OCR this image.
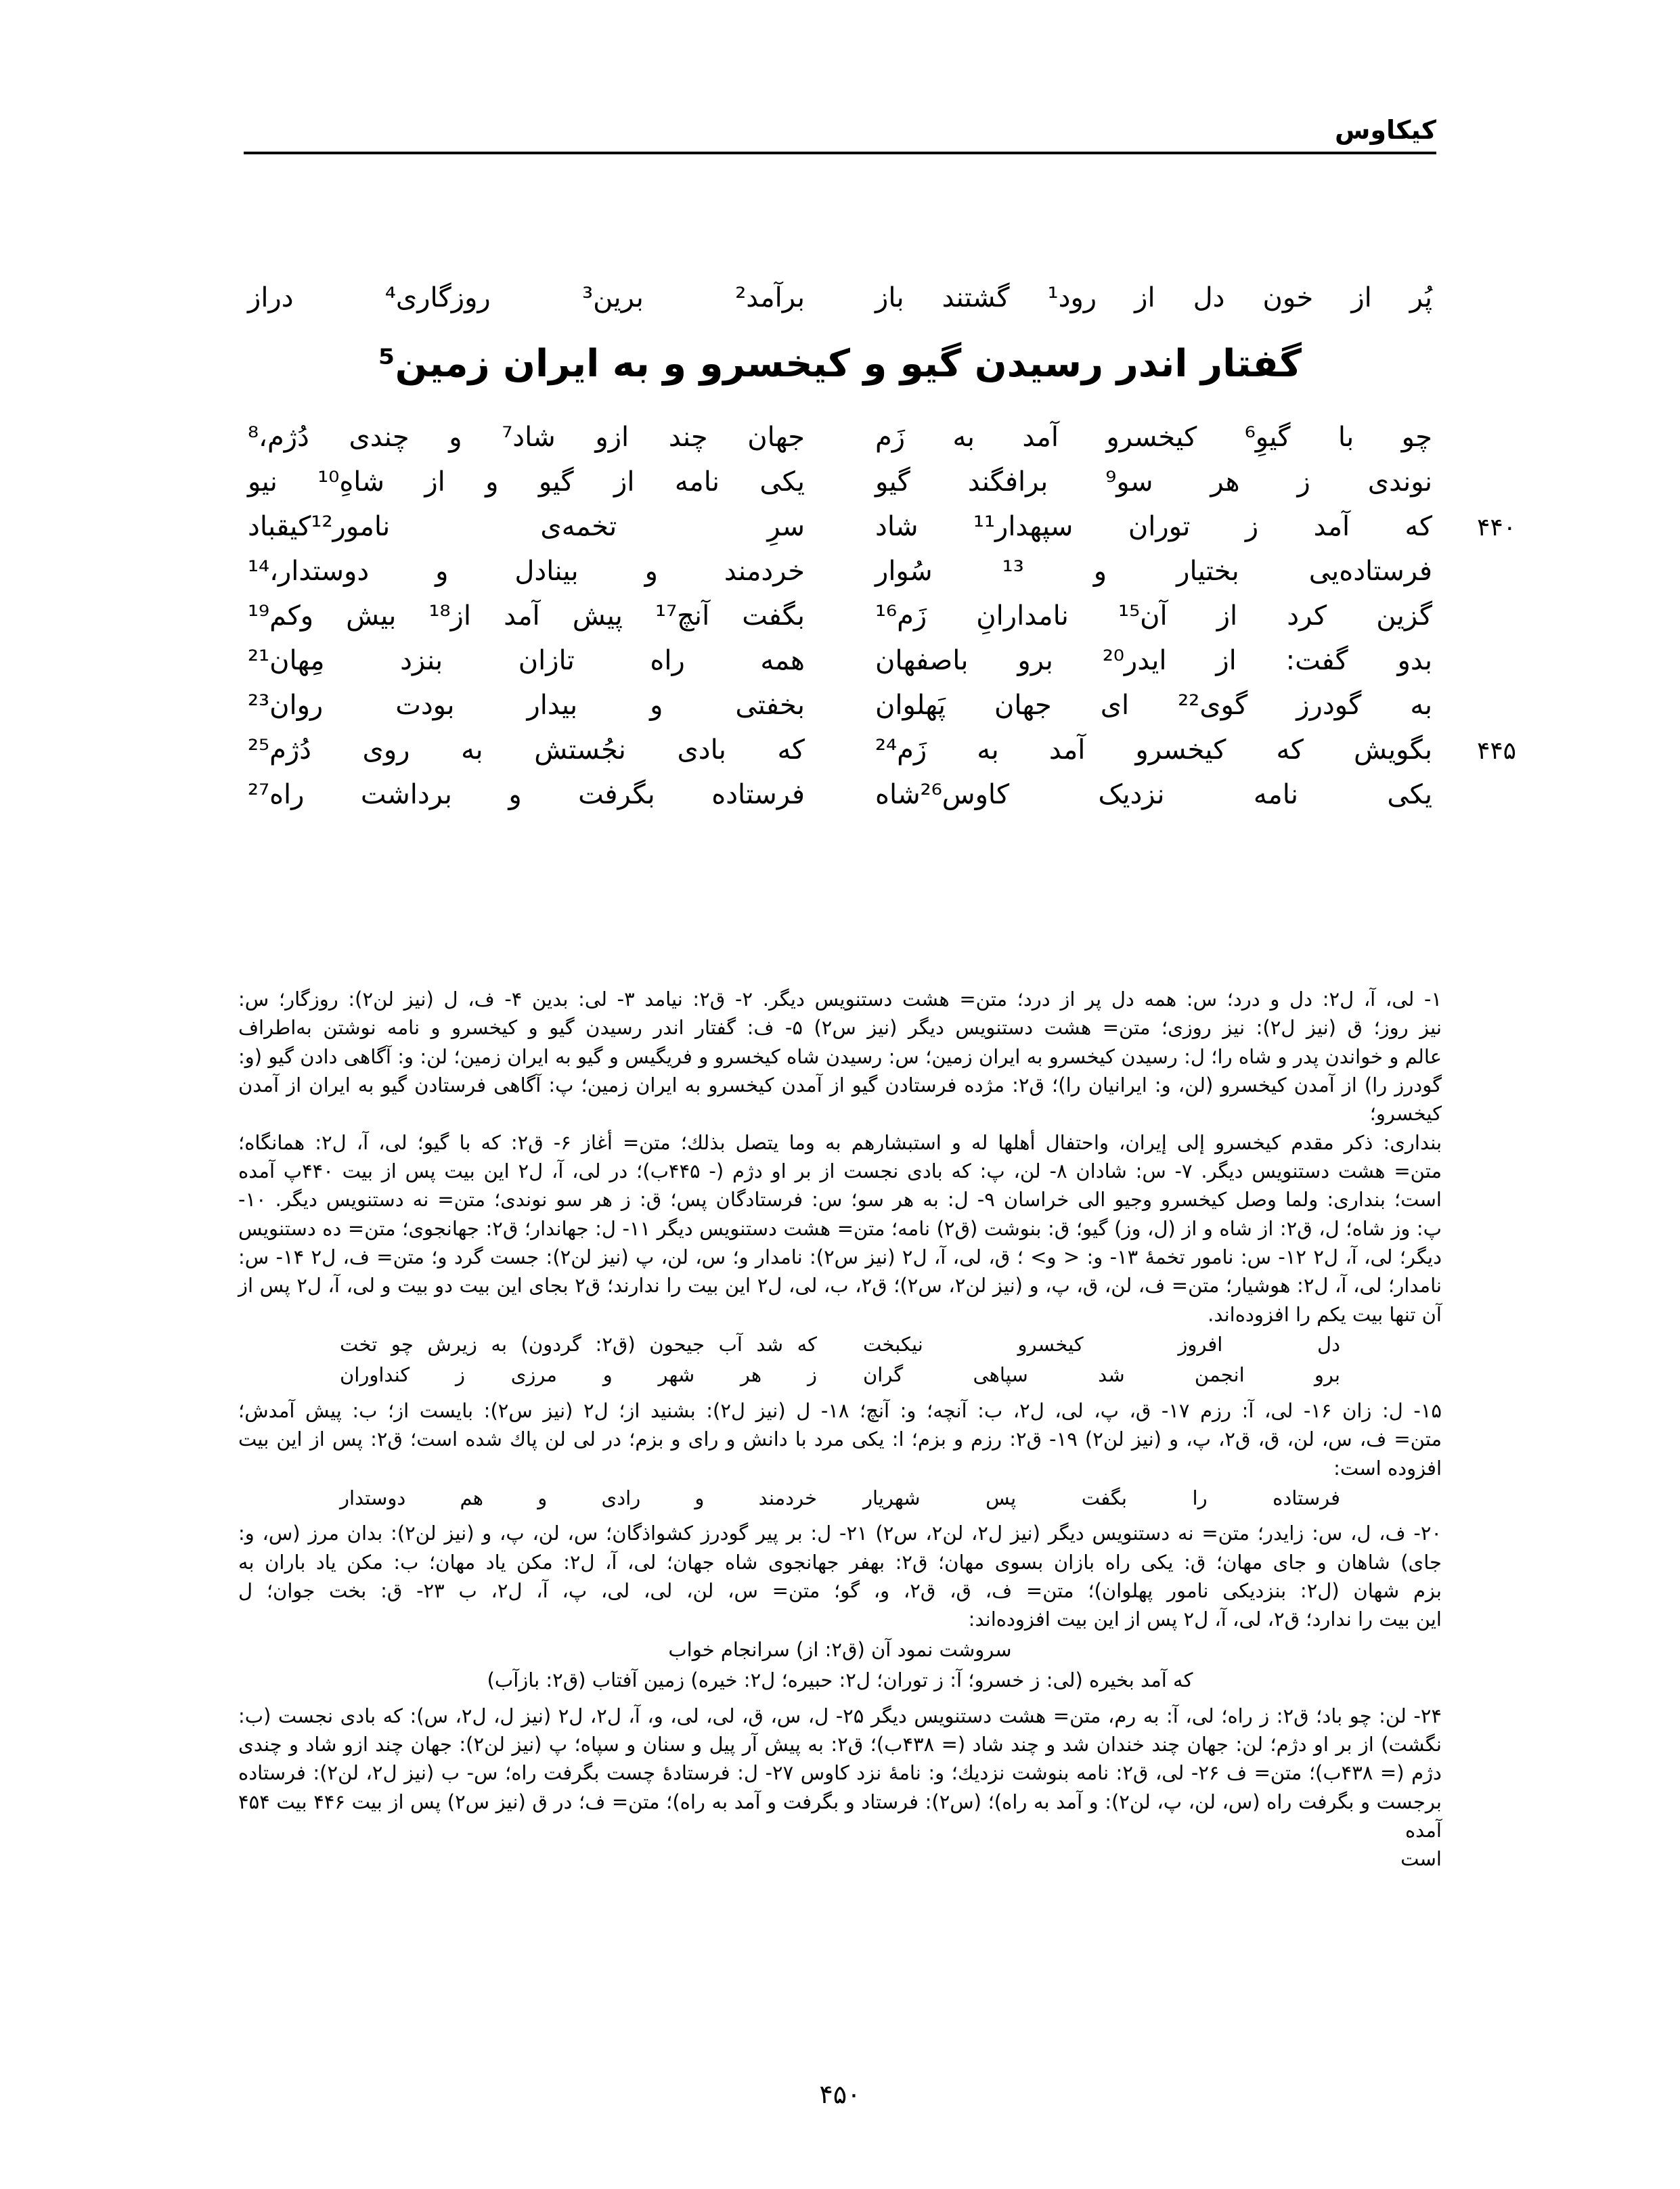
کیکاوس
پُر از خون دل از رود¹ گشتند باز
برآمد² برین³ روزگاری⁴ دراز
گفتار اندر رسیدن گیو و کیخسرو و به ایران زمین⁵
چو با گیوِ⁶ کیخسرو آمد به زَم
جهان چند ازو شاد⁷ و چندی دُژم،⁸
نوندی ز هر سو⁹ برافگند گیو
یکی نامه از گیو و از شاهِ¹⁰ نیو
۴۴۰
که آمد ز توران سپهدار¹¹ شاد
سرِ تخمه‌ی نامور¹²کیقباد
فرستاده‌یی بختیار و ¹³ سُوار
خردمند و بینادل و دوستدار،¹⁴
گزین کرد از آن¹⁵ نامدارانِ زَم¹⁶
بگفت آنچ¹⁷ پیش آمد از¹⁸ بیش وکم¹⁹
بدو گفت: از ایدر²⁰ برو باصفهان
همه راه تازان بنزد مِهان²¹
به گودرز گوی²² ای جهان پَهلوان
بخفتی و بیدار بودت روان²³
۴۴۵
بگویش که کیخسرو آمد به زَم²⁴
که بادی نجُستش به روی دُژم²⁵
یکی نامه نزدیک کاوس²⁶شاه
فرستاده بگرفت و برداشت راه²⁷

۱- لی، آ، ل٢: دل و درد؛ س: همه دل پر از درد؛ متن= هشت دستنویس دیگر. ۲- ق٢: نیامد ۳- لی: بدین ۴- ف، ل (نیز لن٢): روزگار؛ س:

نیز روز؛ ق (نیز ل٢): نیز روزی؛ متن= هشت دستنویس دیگر (نیز س٢) ۵- ف: گفتار اندر رسیدن گیو و کیخسرو و نامه نوشتن به‌اطراف

عالم و خواندن پدر و شاه را؛ ل: رسیدن کیخسرو به ایران زمین؛ س: رسیدن شاه کیخسرو و فریگیس و گیو به ایران زمین؛ لن: و: آگاهی دادن گیو (و:

گودرز را) از آمدن کیخسرو (لن، و: ایرانیان را)؛ ق٢: مژده فرستادن گیو از آمدن کیخسرو به ایران زمین؛ پ: آگاهی فرستادن گیو به ایران از آمدن کیخسرو؛

بنداری: ذکر مقدم کیخسرو إلی إیران، واحتفال أهلها له و استبشارهم به وما یتصل بذلك؛ متن= أغاز ۶- ق٢: که با گیو؛ لی، آ، ل٢: همانگاه؛

متن= هشت دستنویس دیگر. ۷- س: شادان ۸- لن، پ: که بادی نجست از بر او دژم (- ۴۴۵ب)؛ در لی، آ، ل٢ این بیت پس از بیت ۴۴۰پ آمده

است؛ بنداری: ولما وصل کیخسرو وجیو الی خراسان ۹- ل: به هر سو؛ س: فرستادگان پس؛ ق: ز هر سو نوندی؛ متن= نه دستنویس دیگر. ۱۰-

پ: وز شاه؛ ل، ق٢: از شاه و از (ل، وز) گیو؛ ق: بنوشت (ق٢) نامه؛ متن= هشت دستنویس دیگر ۱۱- ل: جهاندار؛ ق٢: جهانجوی؛ متن= ده دستنویس

دیگر؛ لی، آ، ل٢ ۱۲- س: نامور تخمهٔ ۱۳- و: < و> ؛ ق، لی، آ، ل٢ (نیز س٢): نامدار و؛ س، لن، پ (نیز لن٢): جست گرد و؛ متن= ف، ل٢ ۱۴- س:

نامدار؛ لی، آ، ل٢: هوشیار؛ متن= ف، لن، ق، پ، و (نیز لن٢، س٢)؛ ق٢، ب، لی، ل٢ این بیت را ندارند؛ ق٢ بجای این بیت دو بیت و لی، آ، ل٢ پس از

آن تنها بیت یکم را افزوده‌اند.

دل افروز کیخسرو نیکبخت
که شد آب جیحون (ق٢: گردون) به زیرش چو تخت
برو انجمن شد سپاهی گران
ز هر شهر و مرزی ز کنداوران

۱۵- ل: زان ۱۶- لی، آ: رزم ۱۷- ق، پ، لی، ل٢، ب: آنچه؛ و: آنچ؛ ۱۸- ل (نیز ل٢): بشنید از؛ ل٢ (نیز س٢): بایست از؛ ب: پیش آمدش؛

متن= ف، س، لن، ق، ق٢، پ، و (نیز لن٢) ۱۹- ق٢: رزم و بزم؛ ا: یکی مرد با دانش و رای و بزم؛ در لی لن پاك شده است؛ ق٢: پس از این بیت

افزوده است:

فرستاده را بگفت پس شهریار
خردمند و رادی و هم دوستدار

۲۰- ف، ل، س: زایدر؛ متن= نه دستنویس دیگر (نیز ل٢، لن٢، س٢) ۲۱- ل: بر پیر گودرز کشواذگان؛ س، لن، پ، و (نیز لن٢): بدان مرز (س، و:

جای) شاهان و جای مهان؛ ق: یکی راه بازان بسوی مهان؛ ق٢: بهفر جهانجوی شاه جهان؛ لی، آ، ل٢: مکن یاد مهان؛ ب: مکن یاد باران به

بزم شهان (ل٢: بنزدیکی نامور پهلوان)؛ متن= ف، ق، ق٢، و، گو؛ متن= س، لن، لی، لی، پ، آ، ل٢، ب ۲۳- ق: بخت جوان؛ ل

این بیت را ندارد؛ ق٢، لی، آ، ل٢ پس از این بیت افزوده‌اند:

سروشت نمود آن (ق٢: از) سرانجام خواب
که آمد بخیره (لی: ز خسرو؛ آ: ز توران؛ ل٢: حبیره؛ ل٢: خیره) زمین آفتاب (ق٢: بازآب)

۲۴- لن: چو باد؛ ق٢: ز راه؛ لی، آ: به رم، متن= هشت دستنویس دیگر ۲۵- ل، س، ق، لی، لی، و، آ، ل٢، ل٢ (نیز ل، ل٢، س): که بادی نجست (ب:

نگشت) از بر او دژم؛ لن: جهان چند خندان شد و چند شاد (= ۴۳۸ب)؛ ق٢: به پیش آر پیل و سنان و سپاه؛ پ (نیز لن٢): جهان چند ازو شاد و چندی

دژم (= ۴۳۸ب)؛ متن= ف ۲۶- لی، ق٢: نامه بنوشت نزدیك؛ و: نامهٔ نزد کاوس ۲۷- ل: فرستادهٔ چست بگرفت راه؛ س- ب (نیز ل٢، لن٢): فرستاده

برجست و بگرفت راه (س، لن، پ، لن٢): و آمد به راه)؛ (س٢): فرستاد و بگرفت و آمد به راه)؛ متن= ف؛ در ق (نیز س٢) پس از بیت ۴۴۶ بیت ۴۵۴ آمده

است

۴۵۰
